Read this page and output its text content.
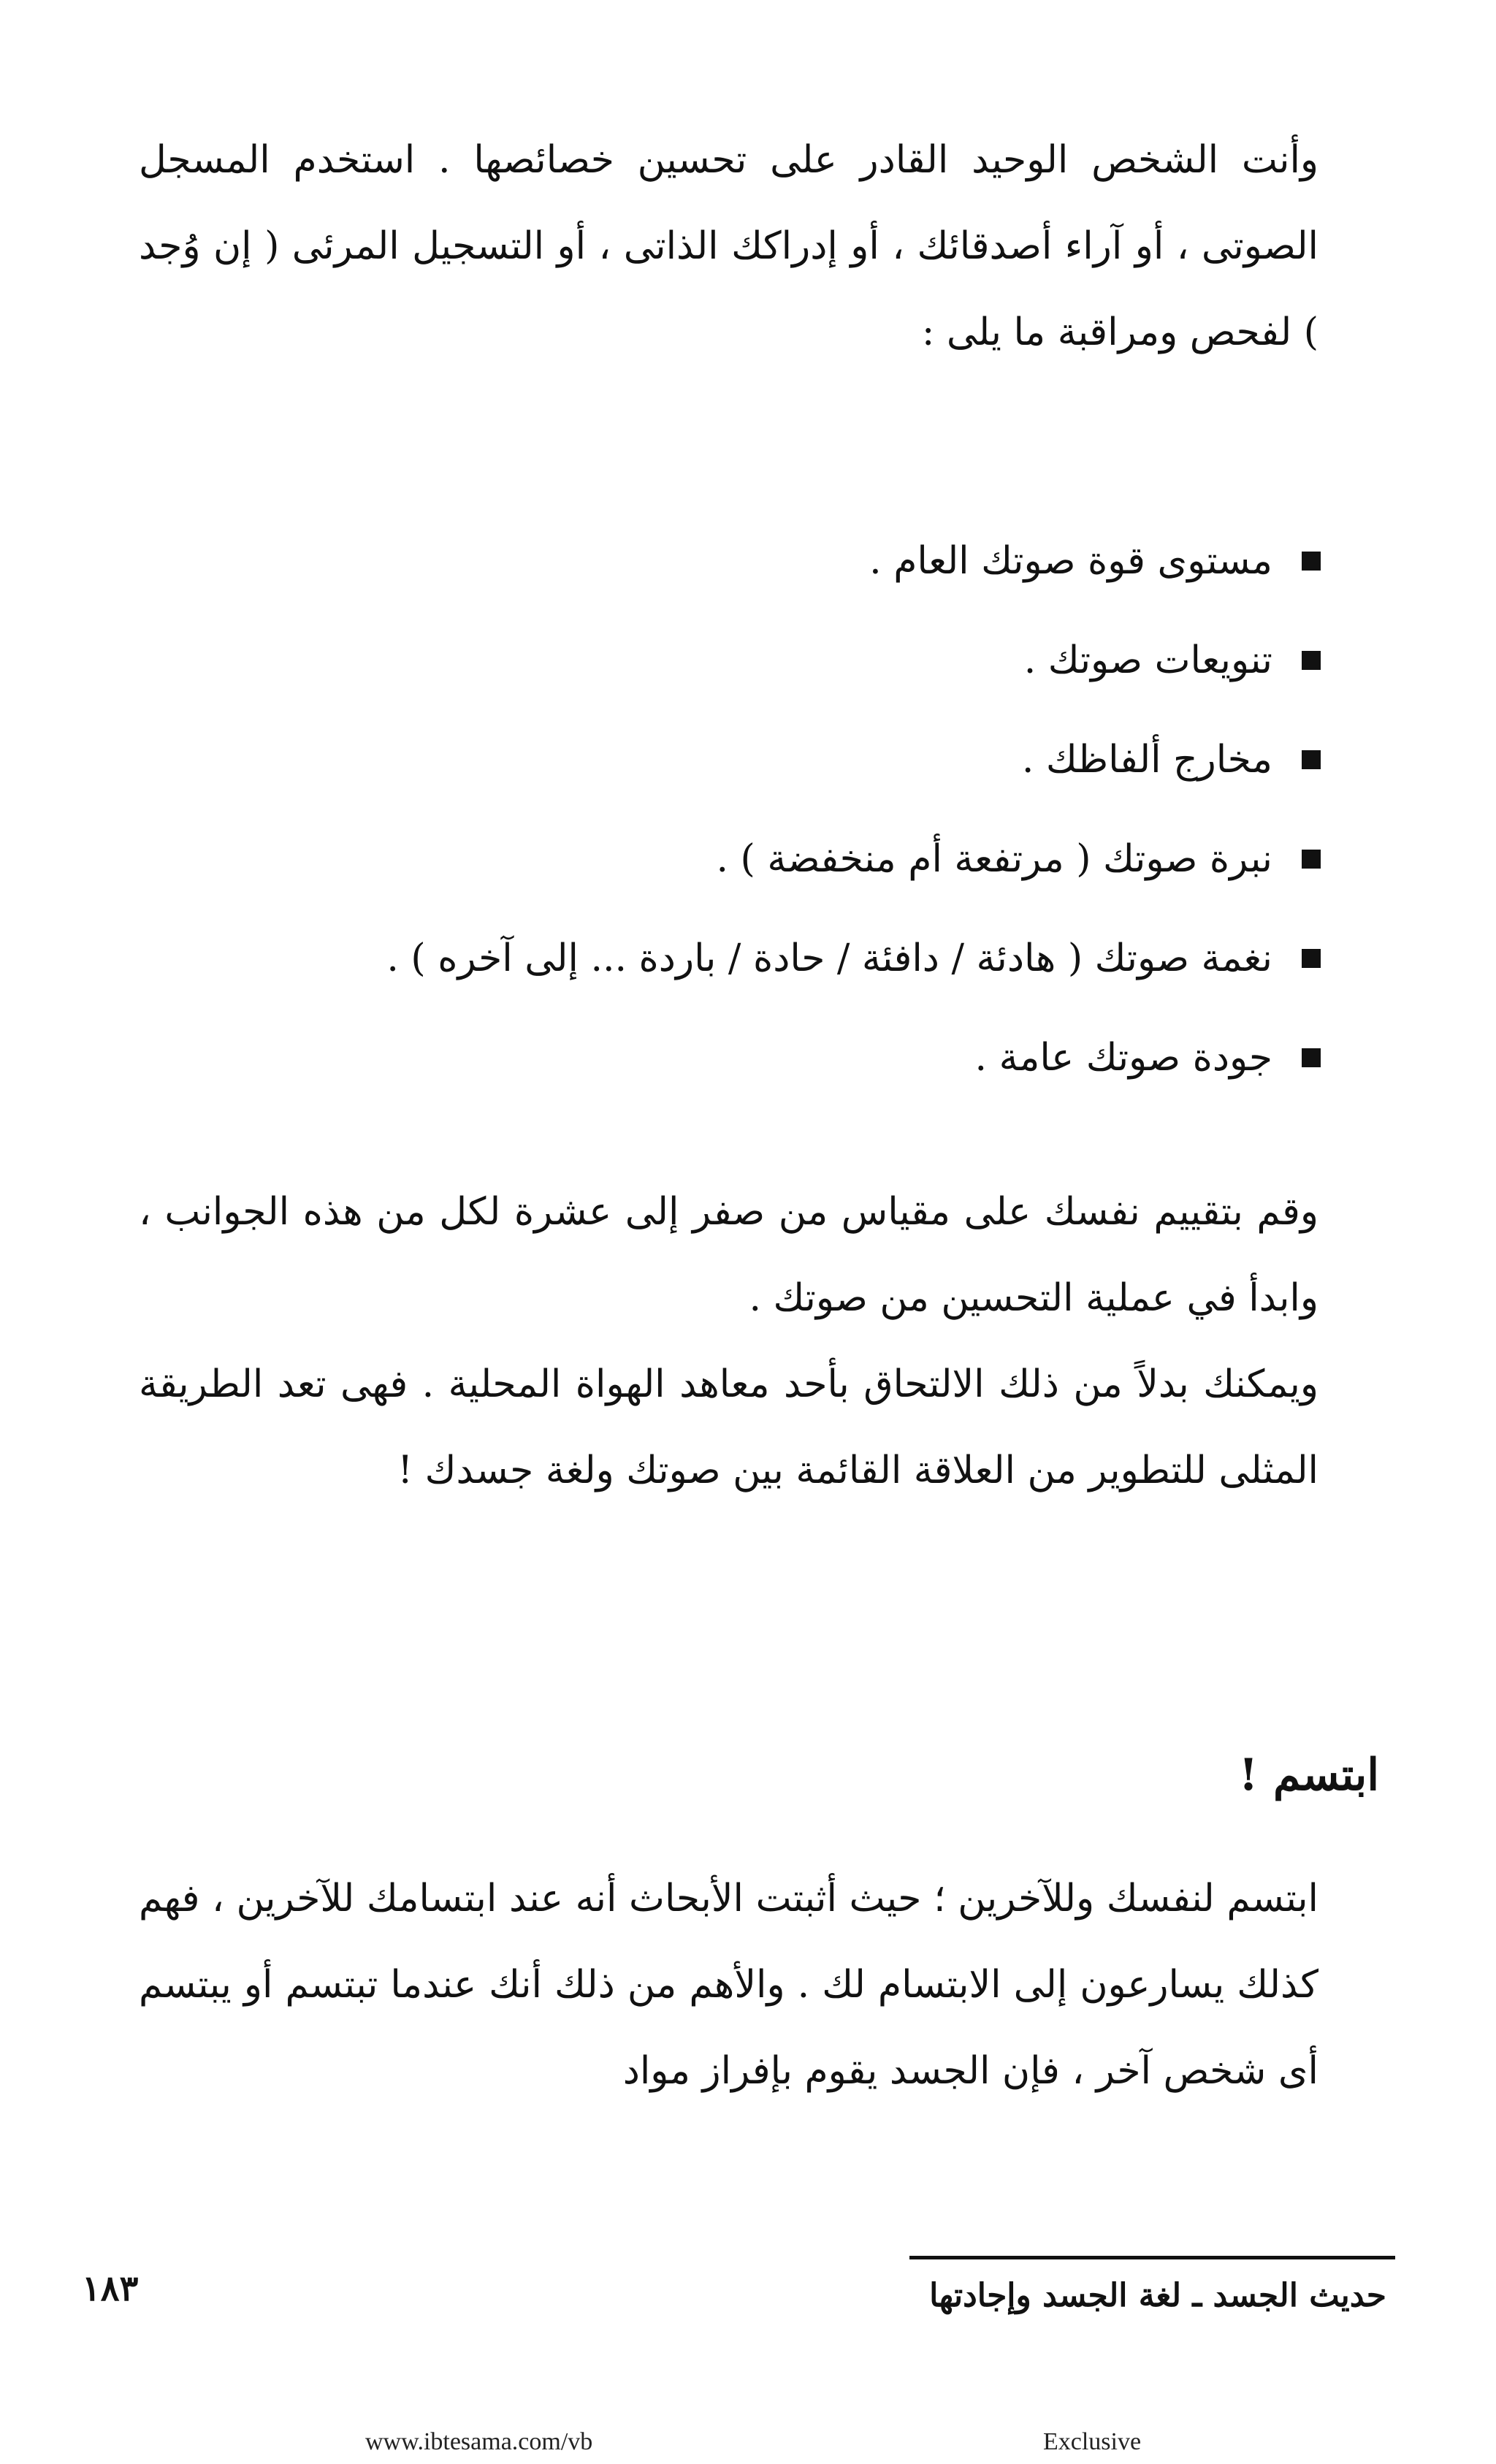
وأنت الشخص الوحيد القادر على تحسين خصائصها . استخدم المسجل الصوتى ، أو آراء أصدقائك ، أو إدراكك الذاتى ، أو التسجيل المرئى ( إن وُجد ) لفحص ومراقبة ما يلى :

مستوى قوة صوتك العام .
تنويعات صوتك .
مخارج ألفاظك .
نبرة صوتك ( مرتفعة أم منخفضة ) .
نغمة صوتك ( هادئة / دافئة / حادة / باردة ... إلى آخره ) .
جودة صوتك عامة .

وقم بتقييم نفسك على مقياس من صفر إلى عشرة لكل من هذه الجوانب ، وابدأ في عملية التحسين من صوتك .

ويمكنك بدلاً من ذلك الالتحاق بأحد معاهد الهواة المحلية . فهى تعد الطريقة المثلى للتطوير من العلاقة القائمة بين صوتك ولغة جسدك !

ابتسم !

ابتسم لنفسك وللآخرين ؛ حيث أثبتت الأبحاث أنه عند ابتسامك للآخرين ، فهم كذلك يسارعون إلى الابتسام لك . والأهم من ذلك أنك عندما تبتسم أو يبتسم أى شخص آخر ، فإن الجسد يقوم بإفراز مواد

حديث الجسد ـ لغة الجسد وإجادتها
١٨٣
www.ibtesama.com/vb	Exclusive
